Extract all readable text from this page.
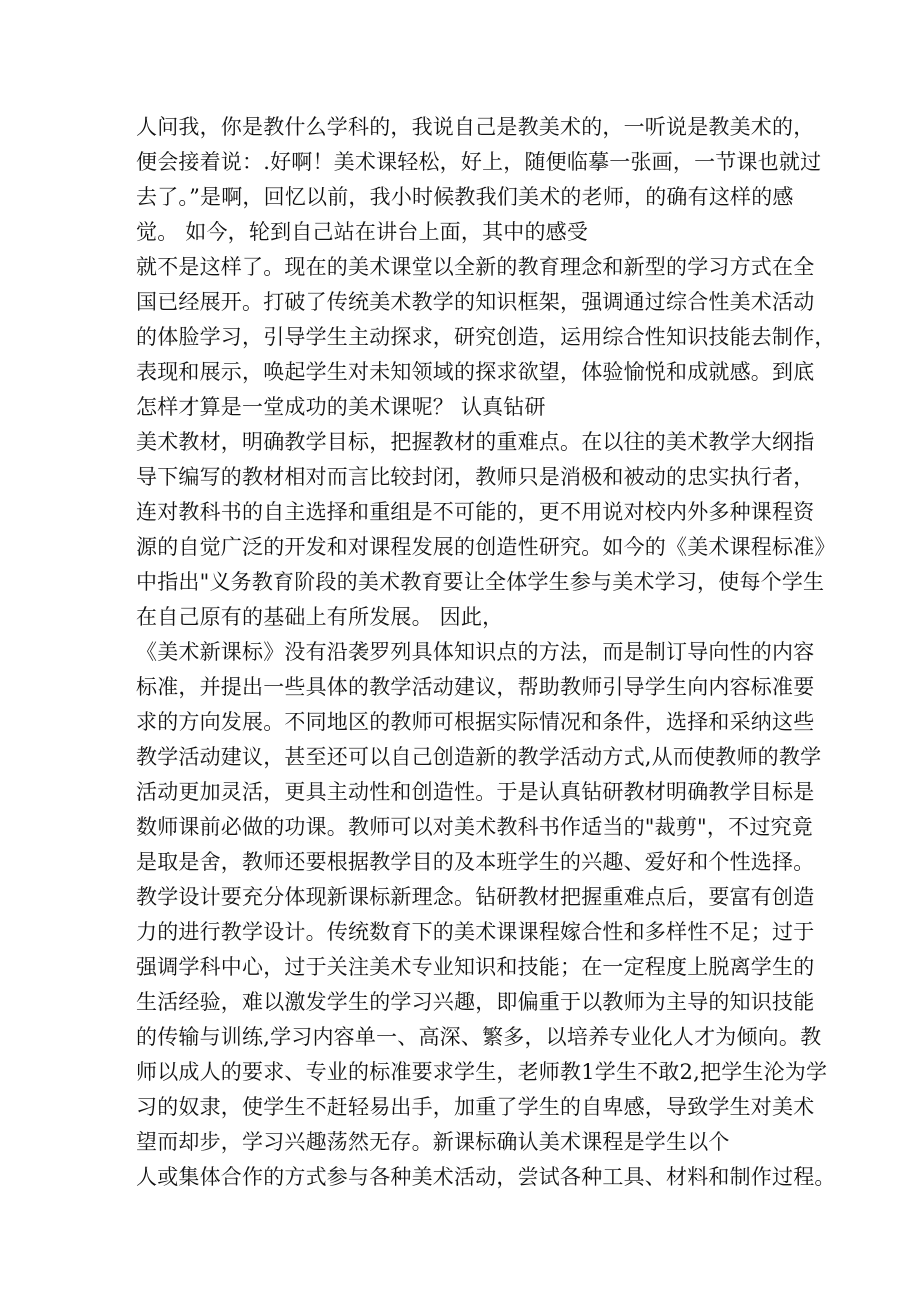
人问我，你是教什么学科的，我说自己是教美术的，一听说是教美术的，
便会接着说：.好啊！美术课轻松，好上，随便临摹一张画，一节课也就过
去了。”是啊，回忆以前，我小时候教我们美术的老师，的确有这样的感
觉。 如今，轮到自己站在讲台上面，其中的感受
就不是这样了。现在的美术课堂以全新的教育理念和新型的学习方式在全
国已经展开。打破了传统美术教学的知识框架，强调通过综合性美术活动
的体脸学习，引导学生主动探求，研究创造，运用综合性知识技能去制作，
表现和展示，唤起学生对未知领域的探求欲望，体验愉悦和成就感。到底
怎样才算是一堂成功的美术课呢？ 认真钻研
美术教材，明确教学目标，把握教材的重难点。在以往的美术教学大纲指
导下编写的教材相对而言比较封闭，教师只是消极和被动的忠实执行者，
连对教科书的自主选择和重组是不可能的，更不用说对校内外多种课程资
源的自觉广泛的开发和对课程发展的创造性研究。如今的《美术课程标准》
中指出"义务教育阶段的美术教育要让全体学生参与美术学习，使每个学生
在自己原有的基础上有所发展。 因此，
《美术新课标》没有沿袭罗列具体知识点的方法，而是制订导向性的内容
标准，并提出一些具体的教学活动建议，帮助教师引导学生向内容标准要
求的方向发展。不同地区的教师可根据实际情况和条件，选择和采纳这些
教学活动建议，甚至还可以自己创造新的教学活动方式,从而使教师的教学
活动更加灵活，更具主动性和创造性。于是认真钻研教材明确教学目标是
数师课前必做的功课。教师可以对美术教科书作适当的"裁剪"，不过究竟
是取是舍，教师还要根据教学目的及本班学生的兴趣、爱好和个性选择。
教学设计要充分体现新课标新理念。钻研教材把握重难点后，要富有创造
力的进行教学设计。传统数育下的美术课课程嫁合性和多样性不足；过于
强调学科中心，过于关注美术专业知识和技能；在一定程度上脱离学生的
生活经验，难以激发学生的学习兴趣，即偏重于以教师为主导的知识技能
的传输与训练,学习内容单一、高深、繁多，以培养专业化人才为倾向。教
师以成人的要求、专业的标准要求学生，老师教1学生不敢2,把学生沦为学
习的奴隶，使学生不赶轻易出手，加重了学生的自卑感，导致学生对美术
望而却步，学习兴趣荡然无存。新课标确认美术课程是学生以个
人或集体合作的方式参与各种美术活动，尝试各种工具、材料和制作过程。
